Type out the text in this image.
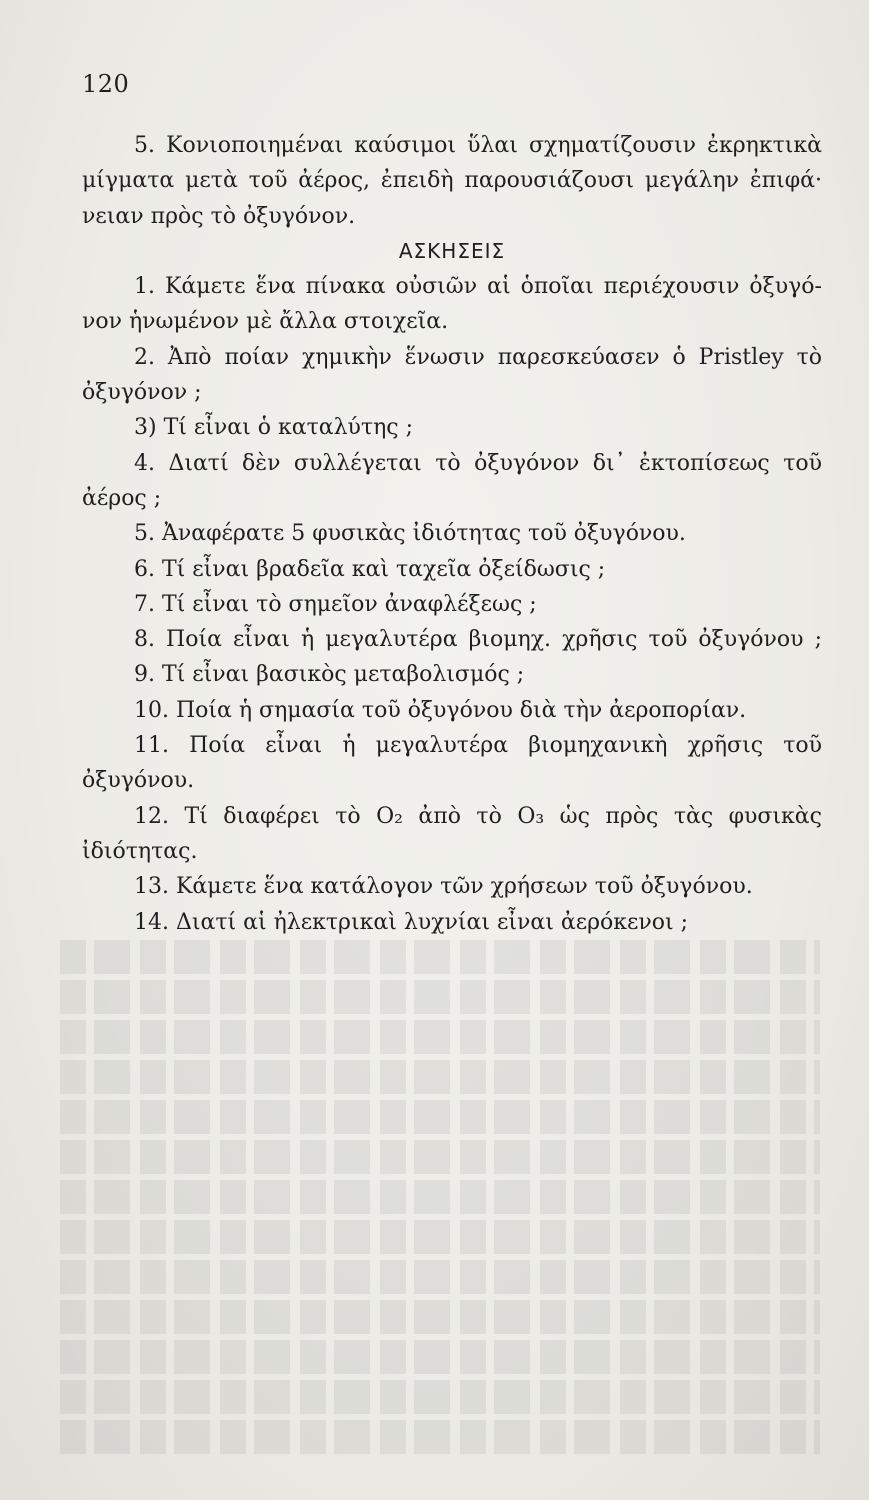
120
5. Κονιοποιημέναι καύσιμοι ὕλαι σχηματίζουσιν ἐκρηκτικὰ
μίγματα μετὰ τοῦ ἀέρος, ἐπειδὴ παρουσιάζουσι μεγάλην ἐπιφά·
νειαν πρὸς τὸ ὀξυγόνον.
ΑΣΚΗΣΕΙΣ
1. Κάμετε ἕνα πίνακα οὐσιῶν αἱ ὁποῖαι περιέχουσιν ὀξυγό-
νον ἡνωμένον μὲ ἄλλα στοιχεῖα.
2. Ἀπὸ ποίαν χημικὴν ἕνωσιν παρεσκεύασεν ὁ Pristley τὸ
ὀξυγόνον ;
3) Τί εἶναι ὁ καταλύτης ;
4. Διατί δὲν συλλέγεται τὸ ὀξυγόνον δι᾽ ἐκτοπίσεως τοῦ
ἀέρος ;
5. Ἀναφέρατε 5 φυσικὰς ἰδιότητας τοῦ ὀξυγόνου.
6. Τί εἶναι βραδεῖα καὶ ταχεῖα ὀξείδωσις ;
7. Τί εἶναι τὸ σημεῖον ἀναφλέξεως ;
8. Ποία εἶναι ἡ μεγαλυτέρα βιομηχ. χρῆσις τοῦ ὀξυγόνου ;
9. Τί εἶναι βασικὸς μεταβολισμός ;
10. Ποία ἡ σημασία τοῦ ὀξυγόνου διὰ τὴν ἀεροπορίαν.
11. Ποία εἶναι ἡ μεγαλυτέρα βιομηχανικὴ χρῆσις τοῦ
ὀξυγόνου.
12. Τί διαφέρει τὸ Ο₂ ἀπὸ τὸ Ο₃ ὡς πρὸς τὰς φυσικὰς
ἰδιότητας.
13. Κάμετε ἕνα κατάλογον τῶν χρήσεων τοῦ ὀξυγόνου.
14. Διατί αἱ ἠλεκτρικαὶ λυχνίαι εἶναι ἀερόκενοι ;
